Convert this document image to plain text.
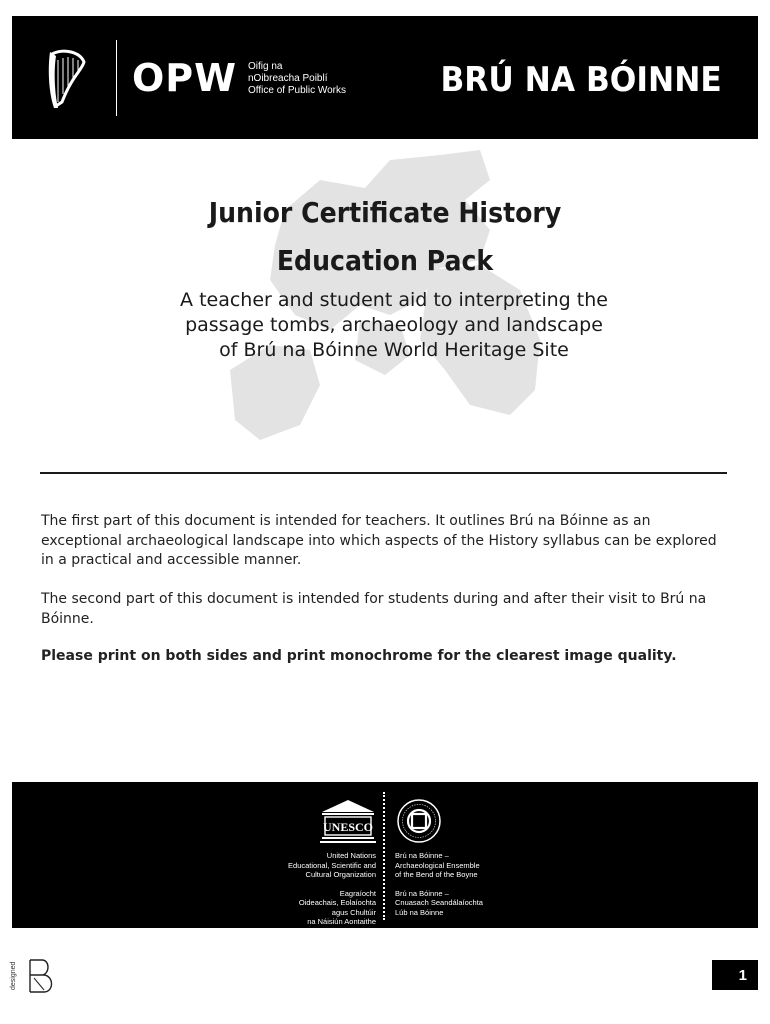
OPW Oifig na
nOibreacha Poiblí
Office of Public Works	BRÚ NA BÓINNE
Junior Certificate History
Education Pack
A teacher and student aid to interpreting the
passage tombs, archaeology and landscape
of Brú na Bóinne World Heritage Site

The first part of this document is intended for teachers. It outlines Brú na Bóinne as an exceptional archaeological landscape into which aspects of the History syllabus can be explored in a practical and accessible manner.

The second part of this document is intended for students during and after their visit to Brú na Bóinne.

Please print on both sides and print monochrome for the clearest image quality.

UNESCO
United Nations
Educational, Scientific and
Cultural Organization
Eagraíocht
Oideachais, Eolaíochta
agus Chultúir
na Náisiún Aontaithe
Brú na Bóinne –
Archaeological Ensemble
of the Bend of the Boyne
Brú na Bóinne –
Cnuasach Seandálaíochta
Lúb na Bóinne
designed	1
